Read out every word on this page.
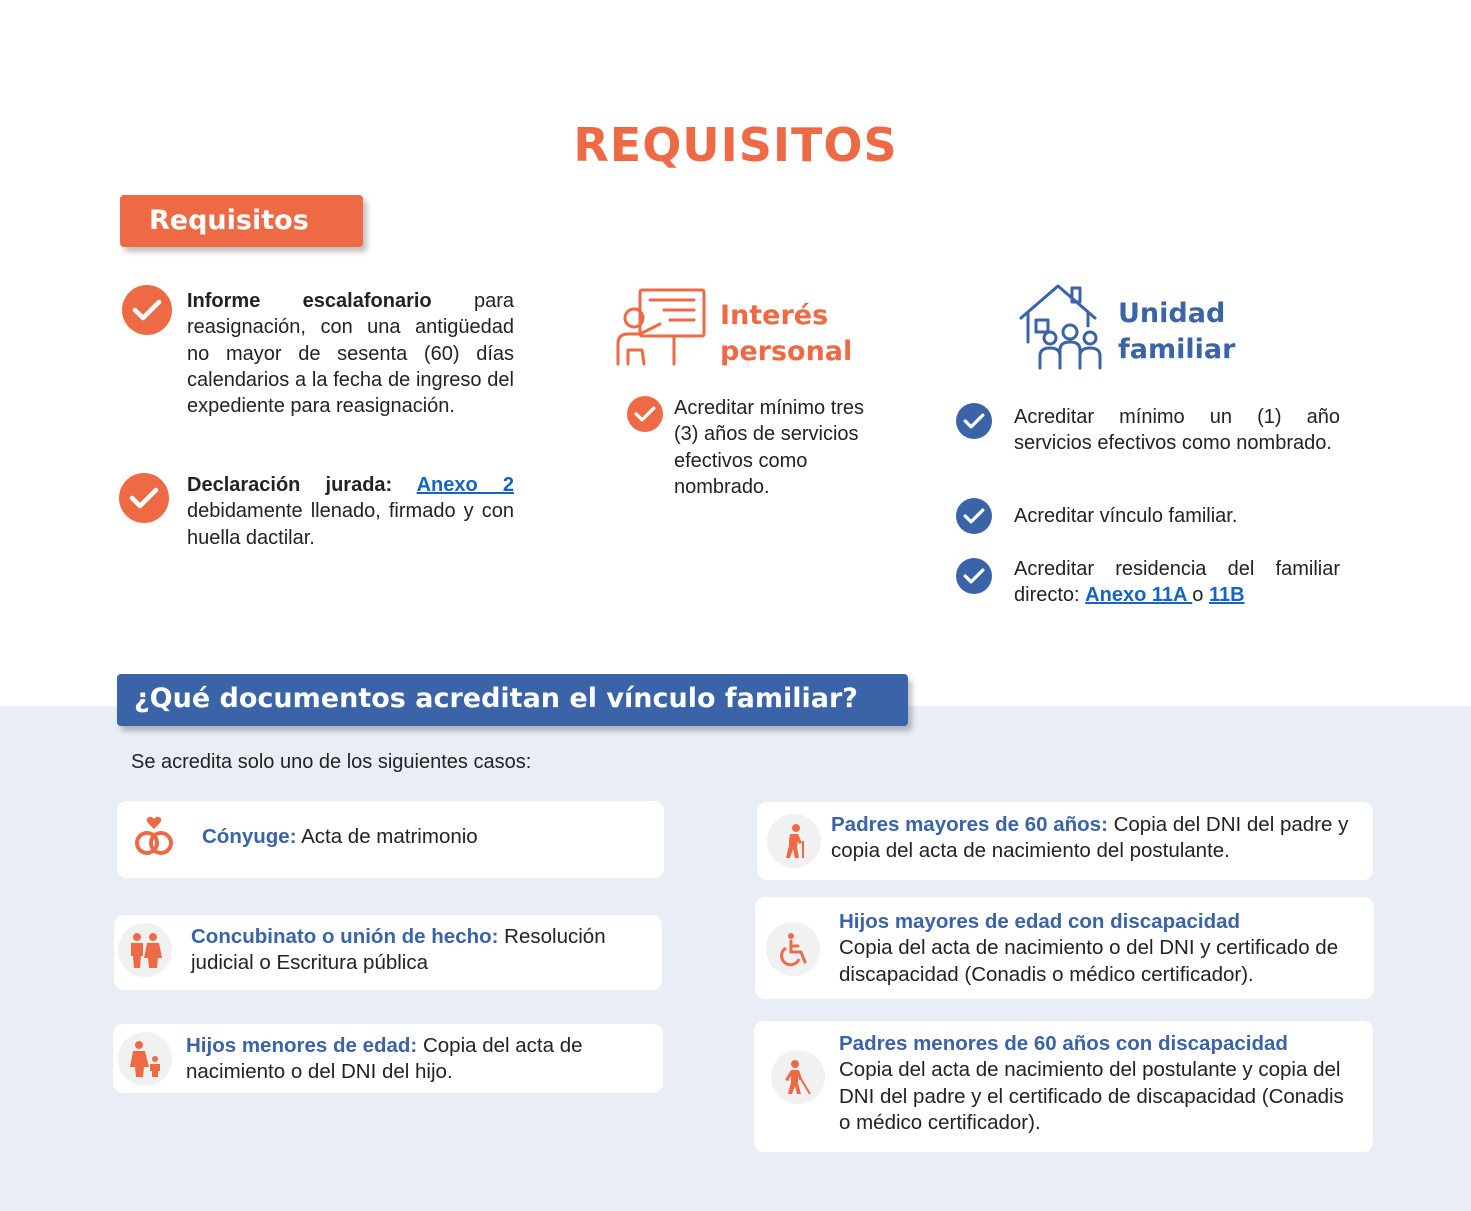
REQUISITOS
Requisitos
Informe escalafonario para reasignación, con una antigüedad no mayor de sesenta (60) días calendarios a la fecha de ingreso del expediente para reasignación.
Declaración jurada: Anexo 2 debidamente llenado, firmado y con huella dactilar.
Interés
personal
Acreditar mínimo tres (3) años de servicios efectivos como nombrado.
Unidad
familiar
Acreditar mínimo un (1) año servicios efectivos como nombrado.
Acreditar vínculo familiar.
Acreditar residencia del familiar directo: Anexo 11A o 11B
¿Qué documentos acreditan el vínculo familiar?
Se acredita solo uno de los siguientes casos:
Cónyuge: Acta de matrimonio
Concubinato o unión de hecho: Resolución judicial o Escritura pública
Hijos menores de edad: Copia del acta de nacimiento o del DNI del hijo.
Padres mayores de 60 años: Copia del DNI del padre y copia del acta de nacimiento del postulante.
Hijos mayores de edad con discapacidad
Copia del acta de nacimiento o del DNI y certificado de discapacidad (Conadis o médico certificador).
Padres menores de 60 años con discapacidad
Copia del acta de nacimiento del postulante y copia del DNI del padre y el certificado de discapacidad (Conadis o médico certificador).
